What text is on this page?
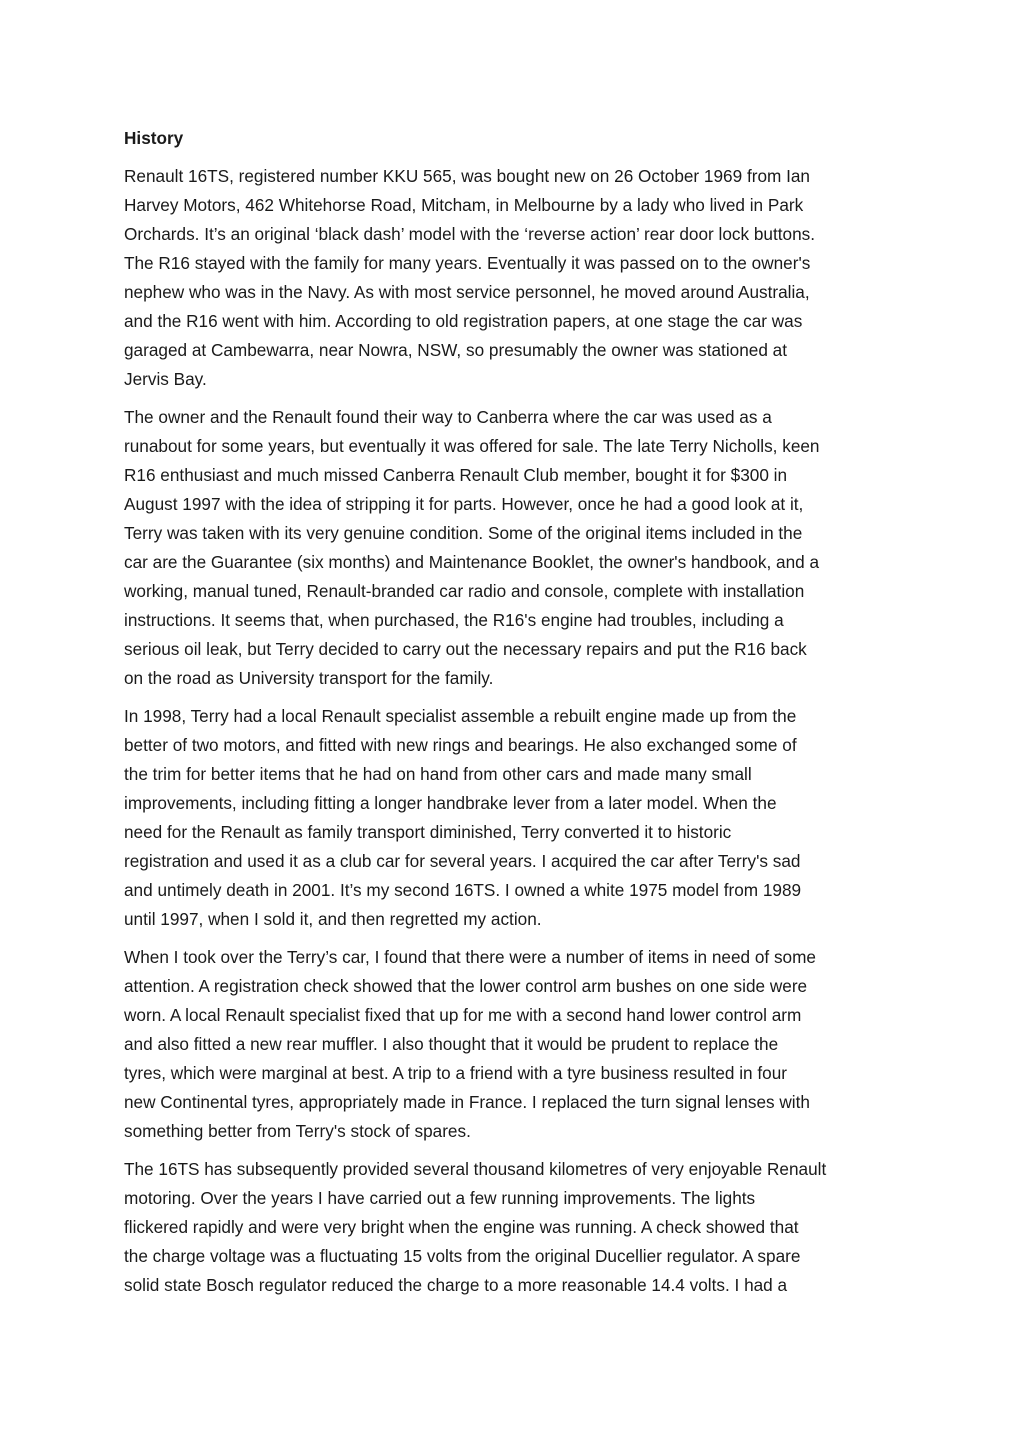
History

Renault 16TS, registered number KKU 565, was bought new on 26 October 1969 from Ian
Harvey Motors, 462 Whitehorse Road, Mitcham, in Melbourne by a lady who lived in Park
Orchards. It’s an original ‘black dash’ model with the ‘reverse action’ rear door lock buttons.
The R16 stayed with the family for many years. Eventually it was passed on to the owner's
nephew who was in the Navy. As with most service personnel, he moved around Australia,
and the R16 went with him. According to old registration papers, at one stage the car was
garaged at Cambewarra, near Nowra, NSW, so presumably the owner was stationed at
Jervis Bay.

The owner and the Renault found their way to Canberra where the car was used as a
runabout for some years, but eventually it was offered for sale. The late Terry Nicholls, keen
R16 enthusiast and much missed Canberra Renault Club member, bought it for $300 in
August 1997 with the idea of stripping it for parts. However, once he had a good look at it,
Terry was taken with its very genuine condition. Some of the original items included in the
car are the Guarantee (six months) and Maintenance Booklet, the owner's handbook, and a
working, manual tuned, Renault-branded car radio and console, complete with installation
instructions. It seems that, when purchased, the R16's engine had troubles, including a
serious oil leak, but Terry decided to carry out the necessary repairs and put the R16 back
on the road as University transport for the family.

In 1998, Terry had a local Renault specialist assemble a rebuilt engine made up from the
better of two motors, and fitted with new rings and bearings. He also exchanged some of
the trim for better items that he had on hand from other cars and made many small
improvements, including fitting a longer handbrake lever from a later model. When the
need for the Renault as family transport diminished, Terry converted it to historic
registration and used it as a club car for several years. I acquired the car after Terry's sad
and untimely death in 2001. It’s my second 16TS. I owned a white 1975 model from 1989
until 1997, when I sold it, and then regretted my action.

When I took over the Terry’s car, I found that there were a number of items in need of some
attention. A registration check showed that the lower control arm bushes on one side were
worn. A local Renault specialist fixed that up for me with a second hand lower control arm
and also fitted a new rear muffler. I also thought that it would be prudent to replace the
tyres, which were marginal at best. A trip to a friend with a tyre business resulted in four
new Continental tyres, appropriately made in France. I replaced the turn signal lenses with
something better from Terry's stock of spares.

The 16TS has subsequently provided several thousand kilometres of very enjoyable Renault
motoring. Over the years I have carried out a few running improvements. The lights
flickered rapidly and were very bright when the engine was running. A check showed that
the charge voltage was a fluctuating 15 volts from the original Ducellier regulator. A spare
solid state Bosch regulator reduced the charge to a more reasonable 14.4 volts. I had a
